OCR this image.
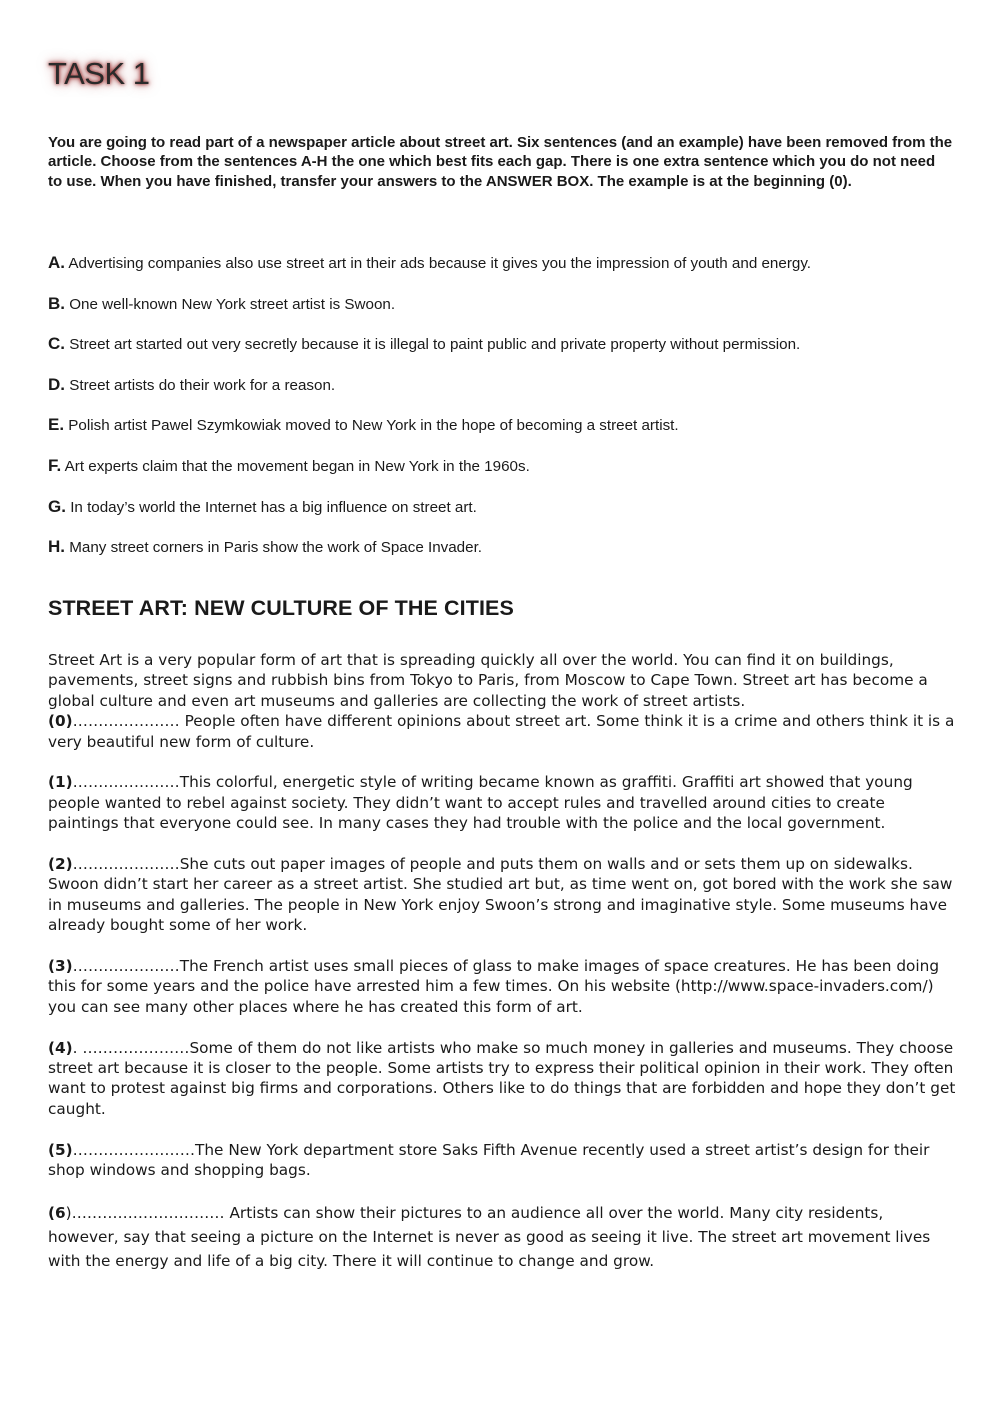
TASK 1
You are going to read part of a newspaper article about street art. Six sentences (and an example) have been removed from the article. Choose from the sentences A-H the one which best fits each gap. There is one extra sentence which you do not need to use. When you have finished, transfer your answers to the ANSWER BOX. The example is at the beginning (0).
A. Advertising companies also use street art in their ads because it gives you the impression of youth and energy.
B. One well-known New York street artist is Swoon.
C. Street art started out very secretly because it is illegal to paint public and private property without permission.
D. Street artists do their work for a reason.
E. Polish artist Pawel Szymkowiak moved to New York in the hope of becoming a street artist.
F. Art experts claim that the movement began in New York in the 1960s.
G. In today’s world the Internet has a big influence on street art.
H. Many street corners in Paris show the work of Space Invader.
STREET ART: NEW CULTURE OF THE CITIES

Street Art is a very popular form of art that is spreading quickly all over the world. You can find it on buildings, pavements, street signs and rubbish bins from Tokyo to Paris, from Moscow to Cape Town. Street art has become a global culture and even art museums and galleries are collecting the work of street artists.

(0)………………… People often have different opinions about street art. Some think it is a crime and others think it is a very beautiful new form of culture.

(1)…………………This colorful, energetic style of writing became known as graffiti. Graffiti art showed that young people wanted to rebel against society. They didn’t want to accept rules and travelled around cities to create paintings that everyone could see. In many cases they had trouble with the police and the local government.

(2)…………………She cuts out paper images of people and puts them on walls and or sets them up on sidewalks. Swoon didn’t start her career as a street artist. She studied art but, as time went on, got bored with the work she saw in museums and galleries. The people in New York enjoy Swoon’s strong and imaginative style. Some museums have already bought some of her work.

(3)…………………The French artist uses small pieces of glass to make images of space creatures. He has been doing this for some years and the police have arrested him a few times. On his website (http://www.space-invaders.com/) you can see many other places where he has created this form of art.

(4). …………………Some of them do not like artists who make so much money in galleries and museums. They choose street art because it is closer to the people. Some artists try to express their political opinion in their work. They often want to protest against big firms and corporations. Others like to do things that are forbidden and hope they don’t get caught.

(5)……………………The New York department store Saks Fifth Avenue recently used a street artist’s design for their shop windows and shopping bags.

(6)………………………… Artists can show their pictures to an audience all over the world. Many city residents, however, say that seeing a picture on the Internet is never as good as seeing it live. The street art movement lives with the energy and life of a big city. There it will continue to change and grow.
